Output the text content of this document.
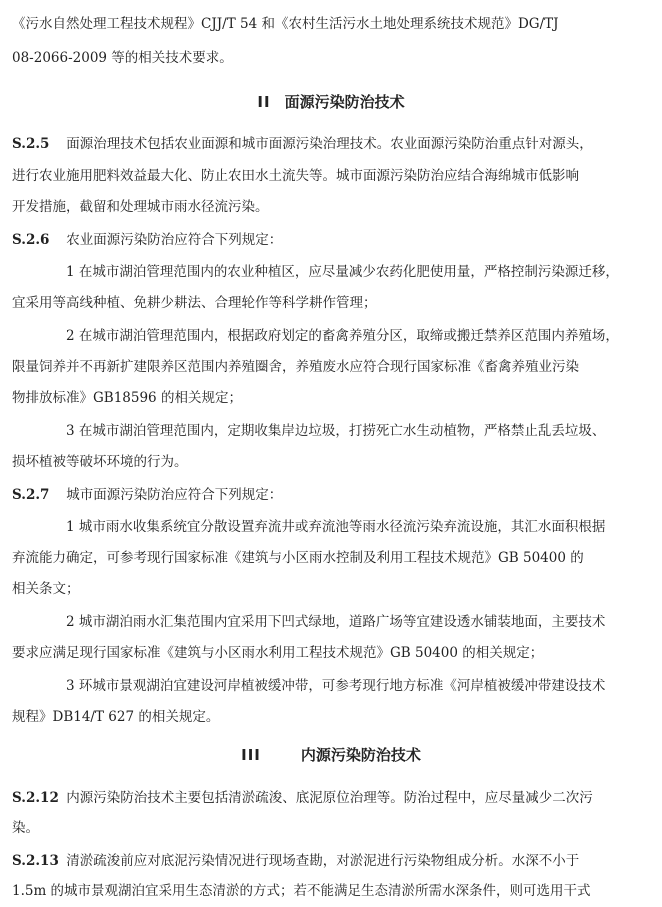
《污水自然处理工程技术规程》CJJ/T 54 和《农村生活污水土地处理系统技术规范》DG/TJ
08-2066-2009 等的相关技术要求。
II 面源污染防治技术
S.2.5 面源治理技术包括农业面源和城市面源污染治理技术。农业面源污染防治重点针对源头，
进行农业施用肥料效益最大化、防止农田水土流失等。城市面源污染防治应结合海绵城市低影响
开发措施，截留和处理城市雨水径流污染。
S.2.6 农业面源污染防治应符合下列规定：
1 在城市湖泊管理范围内的农业种植区，应尽量减少农药化肥使用量，严格控制污染源迁移，
宜采用等高线种植、免耕少耕法、合理轮作等科学耕作管理；
2 在城市湖泊管理范围内，根据政府划定的畜禽养殖分区，取缔或搬迁禁养区范围内养殖场，
限量饲养并不再新扩建限养区范围内养殖圈舍，养殖废水应符合现行国家标准《畜禽养殖业污染
物排放标准》GB18596 的相关规定；
3 在城市湖泊管理范围内，定期收集岸边垃圾，打捞死亡水生动植物，严格禁止乱丢垃圾、
损坏植被等破坏环境的行为。
S.2.7 城市面源污染防治应符合下列规定：
1 城市雨水收集系统宜分散设置弃流井或弃流池等雨水径流污染弃流设施，其汇水面积根据
弃流能力确定，可参考现行国家标准《建筑与小区雨水控制及利用工程技术规范》GB 50400 的
相关条文；
2 城市湖泊雨水汇集范围内宜采用下凹式绿地，道路广场等宜建设透水铺装地面，主要技术
要求应满足现行国家标准《建筑与小区雨水利用工程技术规范》GB 50400 的相关规定；
3 环城市景观湖泊宜建设河岸植被缓冲带，可参考现行地方标准《河岸植被缓冲带建设技术
规程》DB14/T 627 的相关规定。
III	内源污染防治技术
S.2.12 内源污染防治技术主要包括清淤疏浚、底泥原位治理等。防治过程中，应尽量减少二次污
染。
S.2.13 清淤疏浚前应对底泥污染情况进行现场查勘，对淤泥进行污染物组成分析。水深不小于
1.5m 的城市景观湖泊宜采用生态清淤的方式；若不能满足生态清淤所需水深条件，则可选用干式
